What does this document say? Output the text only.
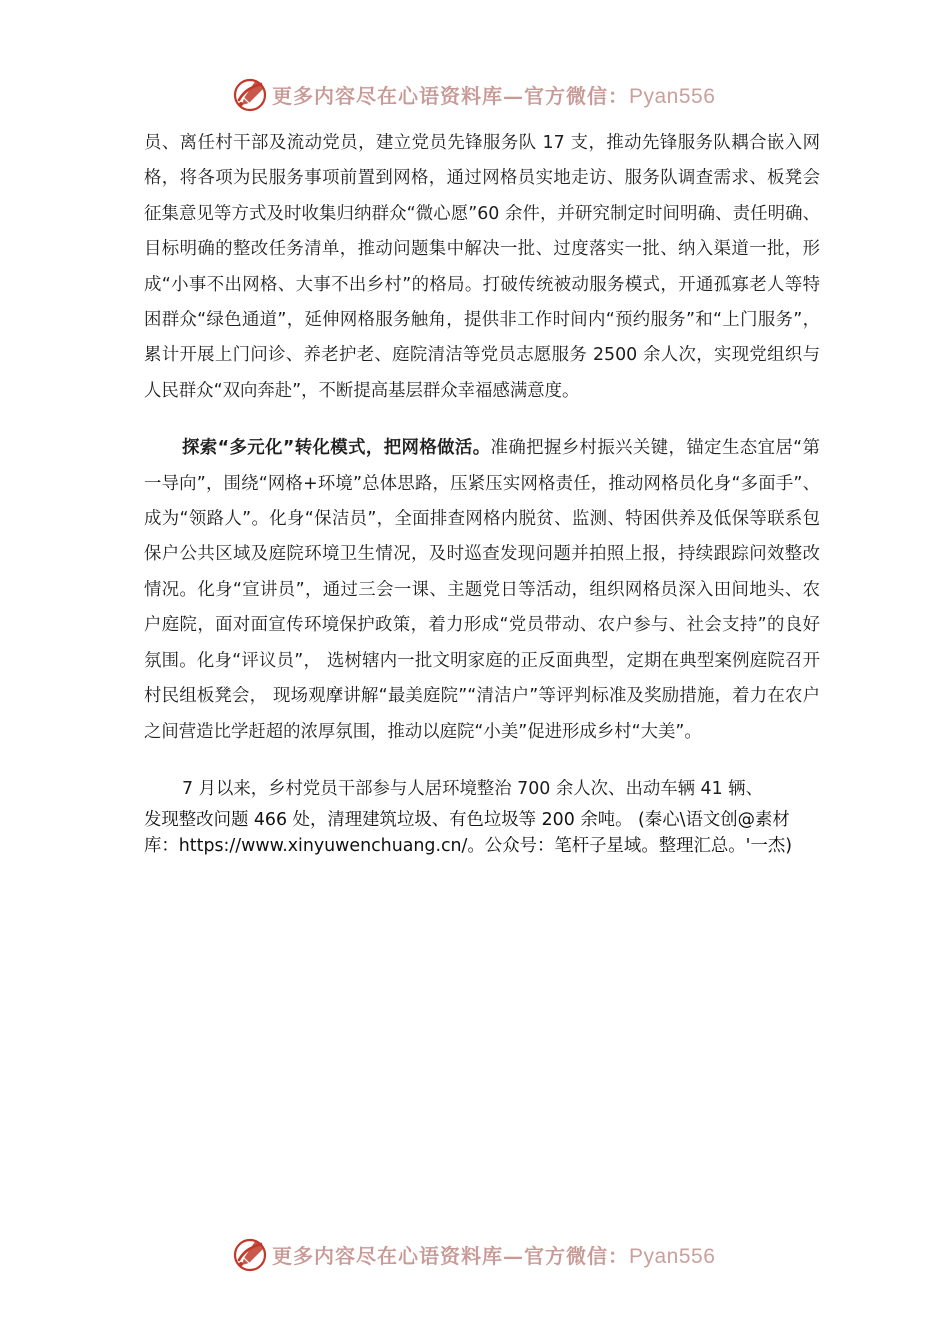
更多内容尽在心语资料库—官方微信：Pyan556

员、离任村干部及流动党员，建立党员先锋服务队 17 支，推动先锋服务队耦合嵌入网格，将各项为民服务事项前置到网格，通过网格员实地走访、服务队调查需求、板凳会征集意见等方式及时收集归纳群众“微心愿”60 余件，并研究制定时间明确、责任明确、目标明确的整改任务清单，推动问题集中解决一批、过度落实一批、纳入渠道一批，形成“小事不出网格、大事不出乡村”的格局。打破传统被动服务模式，开通孤寡老人等特困群众“绿色通道”，延伸网格服务触角，提供非工作时间内“预约服务”和“上门服务”，累计开展上门问诊、养老护老、庭院清洁等党员志愿服务 2500 余人次，实现党组织与人民群众“双向奔赴”，不断提高基层群众幸福感满意度。

探索“多元化”转化模式，把网格做活。准确把握乡村振兴关键，锚定生态宜居“第一导向”，围绕“网格+环境”总体思路，压紧压实网格责任，推动网格员化身“多面手”、成为“领路人”。化身“保洁员”，全面排查网格内脱贫、监测、特困供养及低保等联系包保户公共区域及庭院环境卫生情况，及时巡查发现问题并拍照上报，持续跟踪问效整改情况。化身“宣讲员”，通过三会一课、主题党日等活动，组织网格员深入田间地头、农户庭院，面对面宣传环境保护政策，着力形成“党员带动、农户参与、社会支持”的良好氛围。化身“评议员”， 选树辖内一批文明家庭的正反面典型，定期在典型案例庭院召开村民组板凳会， 现场观摩讲解“最美庭院”“清洁户”等评判标准及奖励措施，着力在农户之间营造比学赶超的浓厚氛围，推动以庭院“小美”促进形成乡村“大美”。

7 月以来，乡村党员干部参与人居环境整治 700 余人次、出动车辆 41 辆、

发现整改问题 466 处，清理建筑垃圾、有色垃圾等 200 余吨。 (秦心\语文创@素材库：https://www.xinyuwenchuang.cn/。公众号：笔杆子星域。整理汇总。'一杰)

更多内容尽在心语资料库—官方微信：Pyan556
